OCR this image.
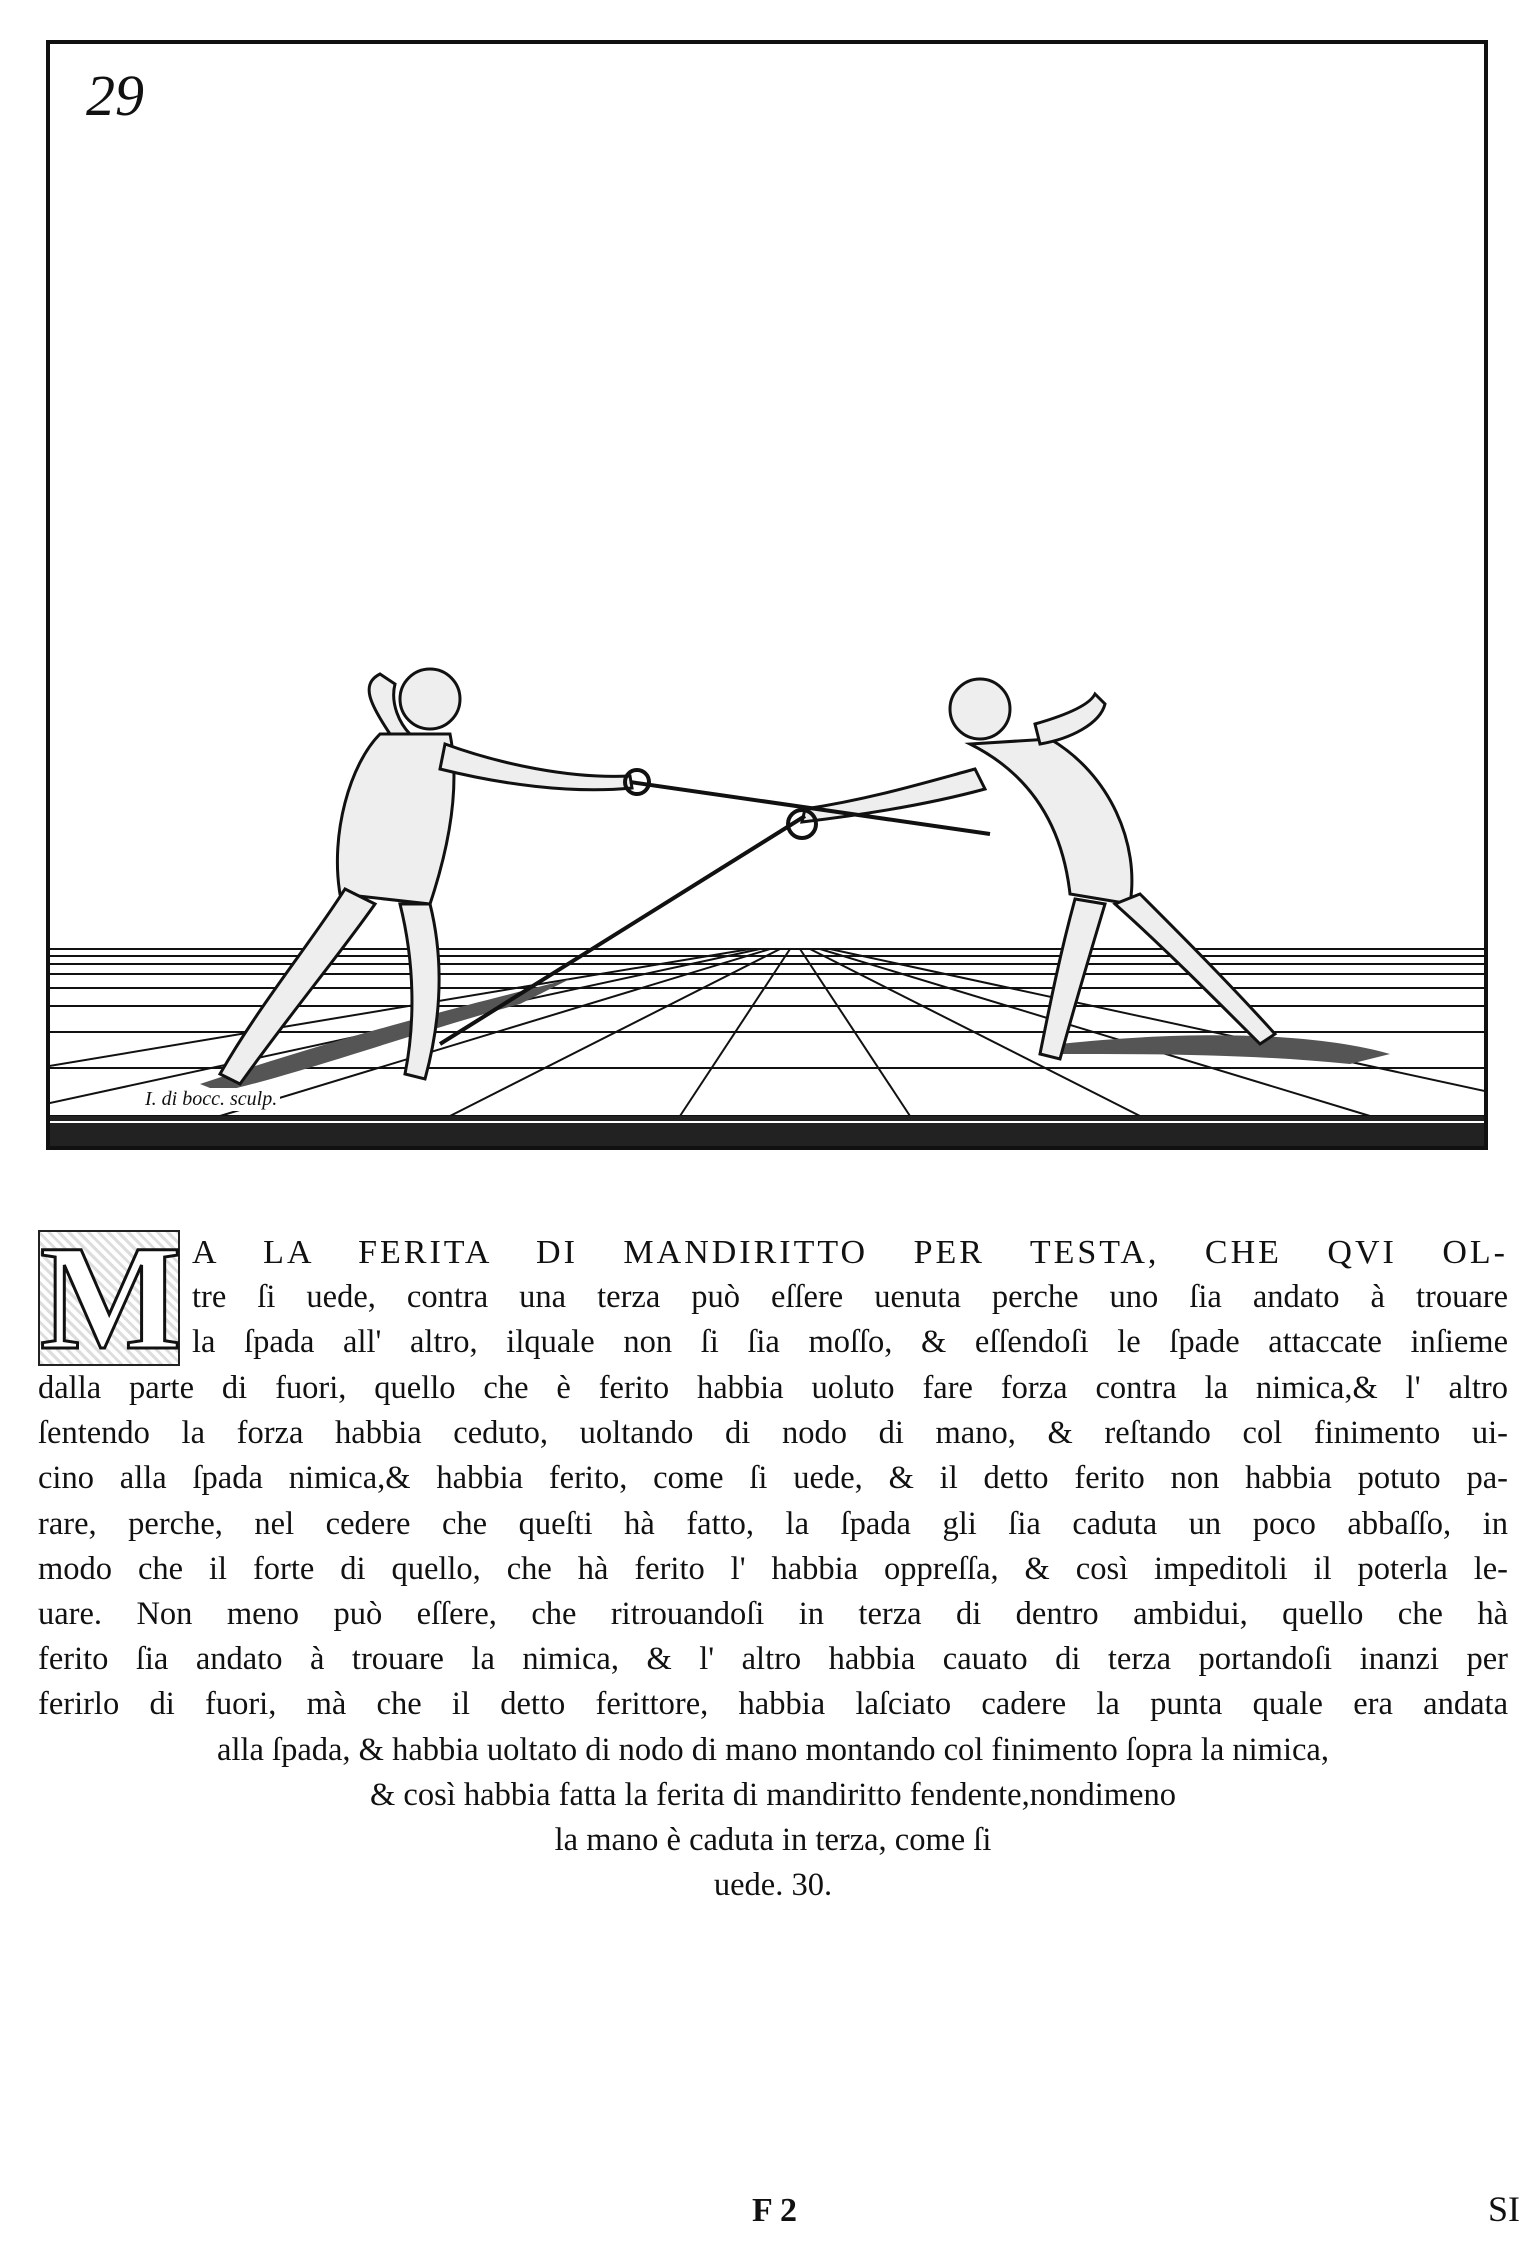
29
I. di bocc. sculp.
M A LA FERITA DI MANDIRITTO PER TESTA, CHE QVI OL-
tre ſi uede, contra una terza può eſſere uenuta perche uno ſia andato à trouare
la ſpada all' altro, ilquale non ſi ſia moſſo, & eſſendoſi le ſpade attaccate inſieme
dalla parte di fuori, quello che è ferito habbia uoluto fare forza contra la nimica,& l' altro
ſentendo la forza habbia ceduto, uoltando di nodo di mano, & reſtando col finimento ui-
cino alla ſpada nimica,& habbia ferito, come ſi uede, & il detto ferito non habbia potuto pa-
rare, perche, nel cedere che queſti hà fatto, la ſpada gli ſia caduta un poco abbaſſo, in
modo che il forte di quello, che hà ferito l' habbia oppreſſa, & così impeditoli il poterla le-
uare. Non meno può eſſere, che ritrouandoſi in terza di dentro ambidui, quello che hà
ferito ſia andato à trouare la nimica, & l' altro habbia cauato di terza portandoſi inanzi per
ferirlo di fuori, mà che il detto ferittore, habbia laſciato cadere la punta quale era andata
alla ſpada, & habbia uoltato di nodo di mano montando col finimento ſopra la nimica,
& così habbia fatta la ferita di mandiritto fendente,nondimeno
la mano è caduta in terza, come ſi
uede. 30.
F 2	SI
